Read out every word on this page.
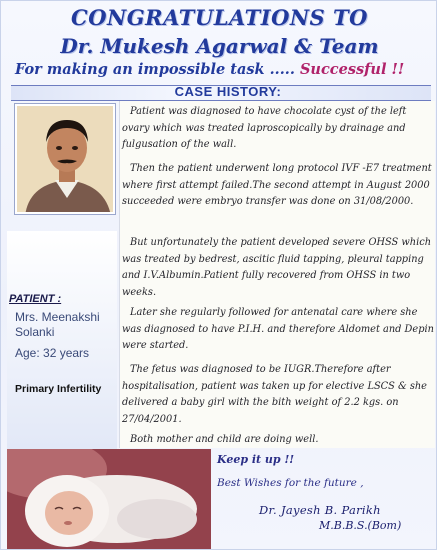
CONGRATULATIONS TO
Dr. Mukesh Agarwal & Team
For making an impossible task ..... Successful !!
CASE HISTORY:
PATIENT :
Mrs. Meenakshi Solanki
Age: 32 years
Primary Infertility
Patient was diagnosed to have chocolate cyst of the left ovary which was treated laproscopically by drainage and fulgusation of the wall.
Then the patient underwent long protocol IVF -E7 treatment where first attempt failed.The second attempt in August 2000 succeeded were embryo transfer was done on 31/08/2000.
But unfortunately the patient developed severe OHSS which was treated by bedrest, ascitic fluid tapping, pleural tapping and I.V.Albumin.Patient fully recovered from OHSS in two weeks.
Later she regularly followed for antenatal care where she was diagnosed to have P.I.H. and therefore Aldomet and Depin were started.
The fetus was diagnosed to be IUGR.Therefore after hospitalisation, patient was taken up for elective LSCS & she delivered a baby girl with the bith weight of 2.2 kgs. on 27/04/2001.
Both mother and child are doing well.
Keep it up !!
Best Wishes for the future ,
Dr. Jayesh B. Parikh
M.B.B.S.(Bom)
